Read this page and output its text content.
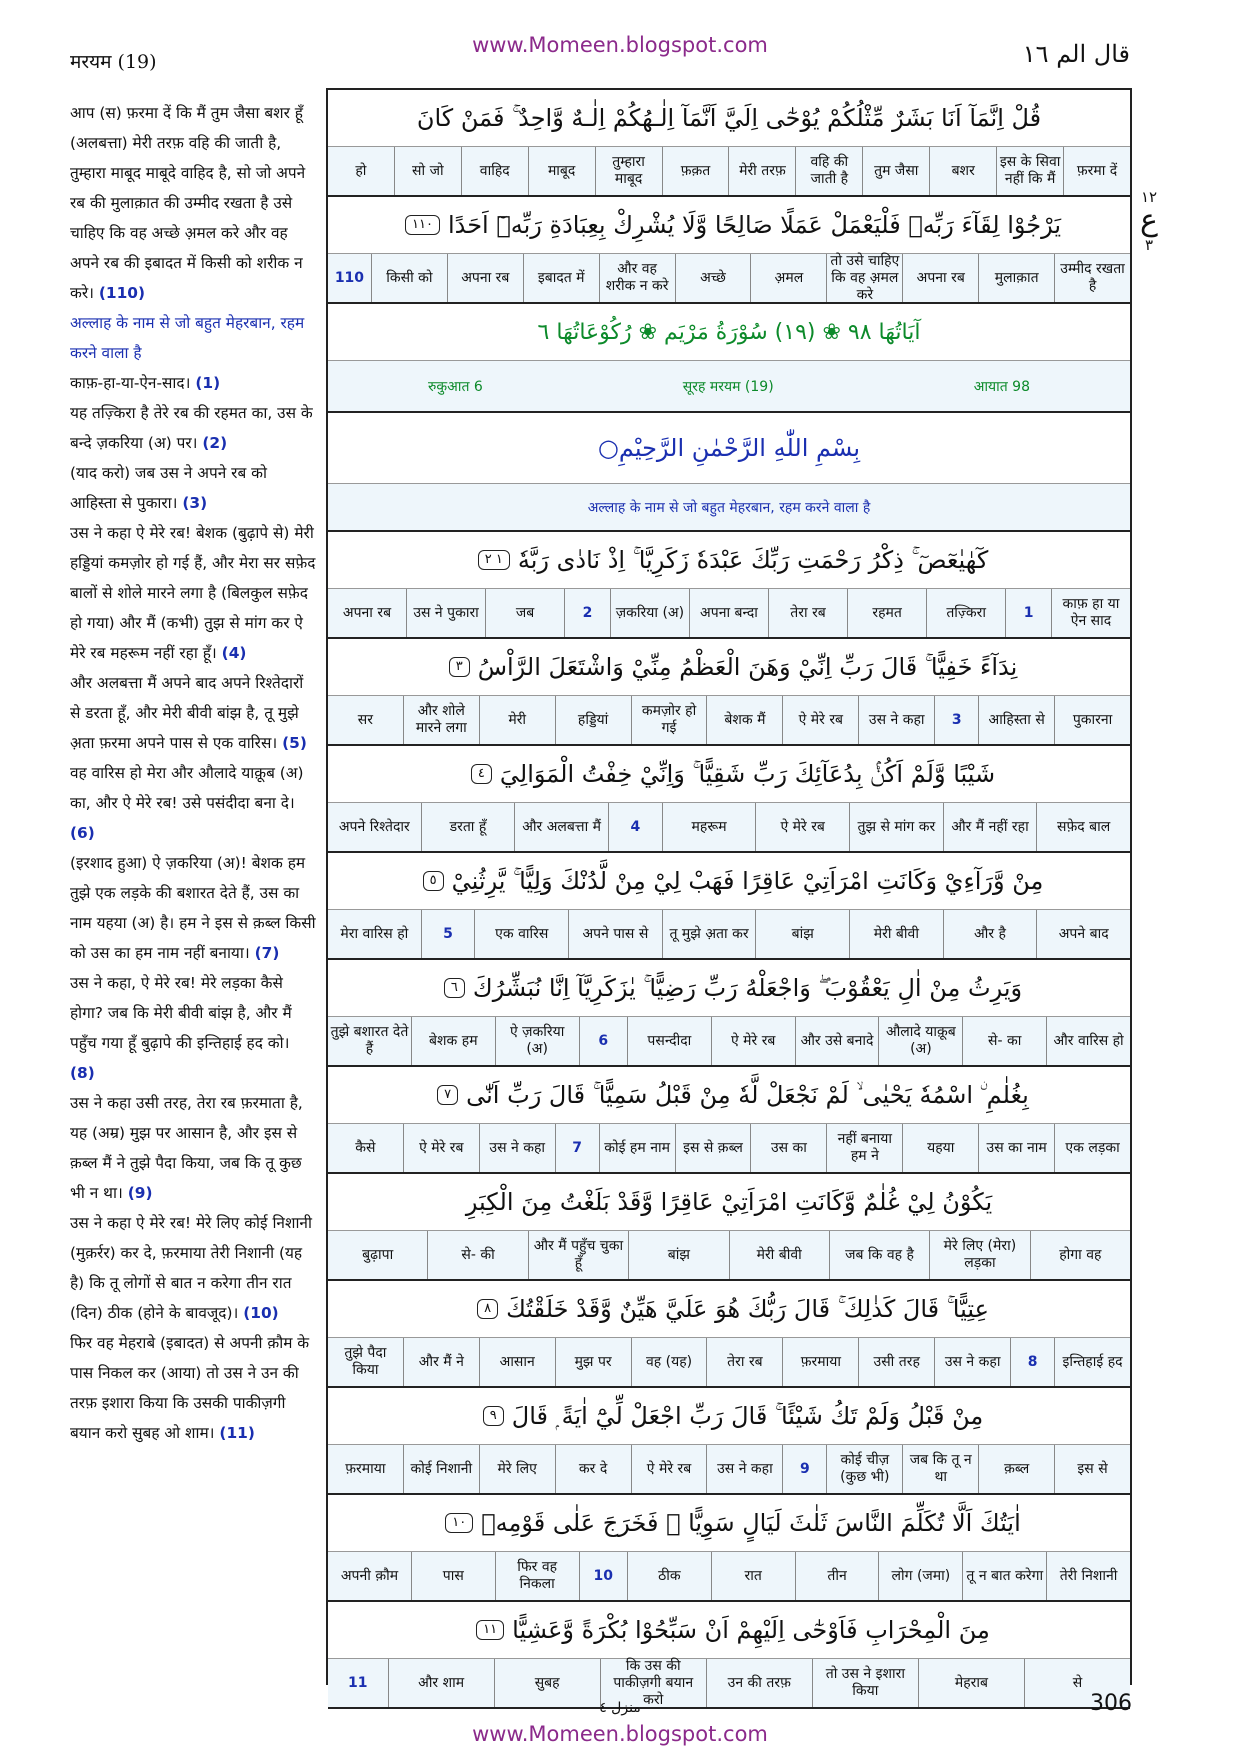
www.Momeen.blogspot.com
मरयम (19)	قال الم ١٦
١٢
ع
٣
आप (स) फ़रमा दें कि मैं तुम जैसा बशर हूँ (अलबत्ता) मेरी तरफ़ वहि की जाती है, तुम्हारा माबूद माबूदे वाहिद है, सो जो अपने रब की मुलाक़ात की उम्मीद रखता है उसे चाहिए कि वह अच्छे अ़मल करे और वह अपने रब की इबादत में किसी को शरीक न करे। (110)
अल्लाह के नाम से जो बहुत मेहरबान, रहम करने वाला है
काफ़-हा-या-ऐन-साद। (1)
यह तज़्किरा है तेरे रब की रहमत का, उस के बन्दे ज़करिया (अ) पर। (2)
(याद करो) जब उस ने अपने रब को आहिस्ता से पुकारा। (3)
उस ने कहा ऐ मेरे रब! बेशक (बुढ़ापे से) मेरी हड्डियां कमज़ोर हो गई हैं, और मेरा सर सफ़ेद बालों से शोले मारने लगा है (बिलकुल सफ़ेद हो गया) और मैं (कभी) तुझ से मांग कर ऐ मेरे रब महरूम नहीं रहा हूँ। (4)
और अलबत्ता मैं अपने बाद अपने रिश्तेदारों से डरता हूँ, और मेरी बीवी बांझ है, तू मुझे अ़ता फ़रमा अपने पास से एक वारिस। (5)
वह वारिस हो मेरा और औलादे याक़ूब (अ) का, और ऐ मेरे रब! उसे पसंदीदा बना दे। (6)
(इरशाद हुआ) ऐ ज़करिया (अ)! बेशक हम तुझे एक लड़के की बशारत देते हैं, उस का नाम यहया (अ) है। हम ने इस से क़ब्ल किसी को उस का हम नाम नहीं बनाया। (7)
उस ने कहा, ऐ मेरे रब! मेरे लड़का कैसे होगा? जब कि मेरी बीवी बांझ है, और मैं पहुँच गया हूँ बुढ़ापे की इन्तिहाई हद को। (8)
उस ने कहा उसी तरह, तेरा रब फ़रमाता है, यह (अम्र) मुझ पर आसान है, और इस से क़ब्ल मैं ने तुझे पैदा किया, जब कि तू कुछ भी न था। (9)
उस ने कहा ऐ मेरे रब! मेरे लिए कोई निशानी (मुक़र्रर) कर दे, फ़रमाया तेरी निशानी (यह है) कि तू लोगों से बात न करेगा तीन रात (दिन) ठीक (होने के बावजूद)। (10)
फिर वह मेहराबे (इबादत) से अपनी क़ौम के पास निकल कर (आया) तो उस ने उन की तरफ़ इशारा किया कि उसकी पाकीज़गी बयान करो सुबह ओ शाम। (11)
قُلْ اِنَّمَآ اَنَا بَشَرٌ مِّثْلُكُمْ يُوْحٰٓى اِلَيَّ اَنَّمَآ اِلٰـهُكُمْ اِلٰـهٌ وَّاحِدٌ ۚ فَمَنْ كَانَ
फ़रमा दें
इस के सिवा नहीं कि मैं
बशर
तुम जैसा
वहि की जाती है
मेरी तरफ़
फ़क़त
तुम्हारा माबूद
माबूद
वाहिद
सो जो
हो
يَرْجُوْا لِقَآءَ رَبِّهٖ فَلْيَعْمَلْ عَمَلًا صَالِحًا وَّلَا يُشْرِكْ بِعِبَادَةِ رَبِّهٖٓ اَحَدًا
١١٠
उम्मीद रखता है
मुलाक़ात
अपना रब
तो उसे चाहिए कि वह अ़मल करे
अ़मल
अच्छे
और वह शरीक न करे
इबादत में
अपना रब
किसी को
110
آيَاتُهَا ٩٨ ❀ (١٩) سُوْرَةُ مَرْيَم ❀ رُكُوْعَاتُهَا ٦
आयात 98
(19) सूरह मरयम
रुकुआत 6
بِسْمِ اللّٰهِ الرَّحْمٰنِ الرَّحِيْمِ○
अल्लाह के नाम से जो बहुत मेहरबान, रहम करने वाला है
كٓهٰيٰعٓصٓ ۚ ذِكْرُ رَحْمَتِ رَبِّكَ عَبْدَهٗ زَكَرِيَّا ۚ اِذْ نَادٰى رَبَّهٗ
١ ٢
काफ़ हा या ऐन साद
1
तज़्किरा
रहमत
तेरा रब
अपना बन्दा
ज़करिया (अ)
2
जब
उस ने पुकारा
अपना रब
نِدَآءً خَفِيًّا ۚ قَالَ رَبِّ اِنِّيْ وَهَنَ الْعَظْمُ مِنِّيْ وَاشْتَعَلَ الرَّاْسُ
٣
पुकारना
आहिस्ता से
3
उस ने कहा
ऐ मेरे रब
बेशक मैं
कमज़ोर हो गई
हड्डियां
मेरी
और शोले मारने लगा
सर
شَيْبًا وَّلَمْ اَكُنْۢ بِدُعَآئِكَ رَبِّ شَقِيًّا ۚ وَاِنِّيْ خِفْتُ الْمَوَالِيَ
٤
सफ़ेद बाल
और मैं नहीं रहा
तुझ से मांग कर
ऐ मेरे रब
महरूम
4
और अलबत्ता मैं
डरता हूँ
अपने रिश्तेदार
مِنْ وَّرَآءِيْ وَكَانَتِ امْرَاَتِيْ عَاقِرًا فَهَبْ لِيْ مِنْ لَّدُنْكَ وَلِيًّا ۚ يَّرِثُنِيْ
٥
अपने बाद
और है
मेरी बीवी
बांझ
तू मुझे अ़ता कर
अपने पास से
एक वारिस
5
मेरा वारिस हो
وَيَرِثُ مِنْ اٰلِ يَعْقُوْبَ ۖ وَاجْعَلْهُ رَبِّ رَضِيًّا ۚ يٰزَكَرِيَّآ اِنَّا نُبَشِّرُكَ
٦
और वारिस हो
से- का
औलादे याक़ूब (अ)
और उसे बनादे
ऐ मेरे रब
पसन्दीदा
6
ऐ ज़करिया (अ)
बेशक हम
तुझे बशारत देते हैं
بِغُلٰمِ ۨ اسْمُهٗ يَحْيٰى ۙ لَمْ نَجْعَلْ لَّهٗ مِنْ قَبْلُ سَمِيًّا ۚ قَالَ رَبِّ اَنّٰى
٧
एक लड़का
उस का नाम
यहया
नहीं बनाया हम ने
उस का
इस से क़ब्ल
कोई हम नाम
7
उस ने कहा
ऐ मेरे रब
कैसे
يَكُوْنُ لِيْ غُلٰمٌ وَّكَانَتِ امْرَاَتِيْ عَاقِرًا وَّقَدْ بَلَغْتُ مِنَ الْكِبَرِ
होगा वह
मेरे लिए (मेरा) लड़का
जब कि वह है
मेरी बीवी
बांझ
और मैं पहुँच चुका हूँ
से- की
बुढ़ापा
عِتِيًّا ۚ قَالَ كَذٰلِكَ ۚ قَالَ رَبُّكَ هُوَ عَلَيَّ هَيِّنٌ وَّقَدْ خَلَقْتُكَ
٨
इन्तिहाई हद
8
उस ने कहा
उसी तरह
फ़रमाया
तेरा रब
वह (यह)
मुझ पर
आसान
और मैं ने
तुझे पैदा किया
مِنْ قَبْلُ وَلَمْ تَكُ شَيْئًا ۚ قَالَ رَبِّ اجْعَلْ لِّيْٓ اٰيَةً ۭ قَالَ
٩
इस से
क़ब्ल
जब कि तू न था
कोई चीज़ (कुछ भी)
9
उस ने कहा
ऐ मेरे रब
कर दे
मेरे लिए
कोई निशानी
फ़रमाया
اٰيَتُكَ اَلَّا تُكَلِّمَ النَّاسَ ثَلٰثَ لَيَالٍ سَوِيًّا ۚ فَخَرَجَ عَلٰى قَوْمِهٖ
١٠
तेरी निशानी
तू न बात करेगा
लोग (जमा)
तीन
रात
ठीक
10
फिर वह निकला
पास
अपनी क़ौम
مِنَ الْمِحْرَابِ فَاَوْحٰٓى اِلَيْهِمْ اَنْ سَبِّحُوْا بُكْرَةً وَّعَشِيًّا
١١
से
मेहराब
तो उस ने इशारा किया
उन की तरफ़
कि उस की पाकीज़गी बयान करो
सुबह
और शाम
11
منزل ٤	306
www.Momeen.blogspot.com
